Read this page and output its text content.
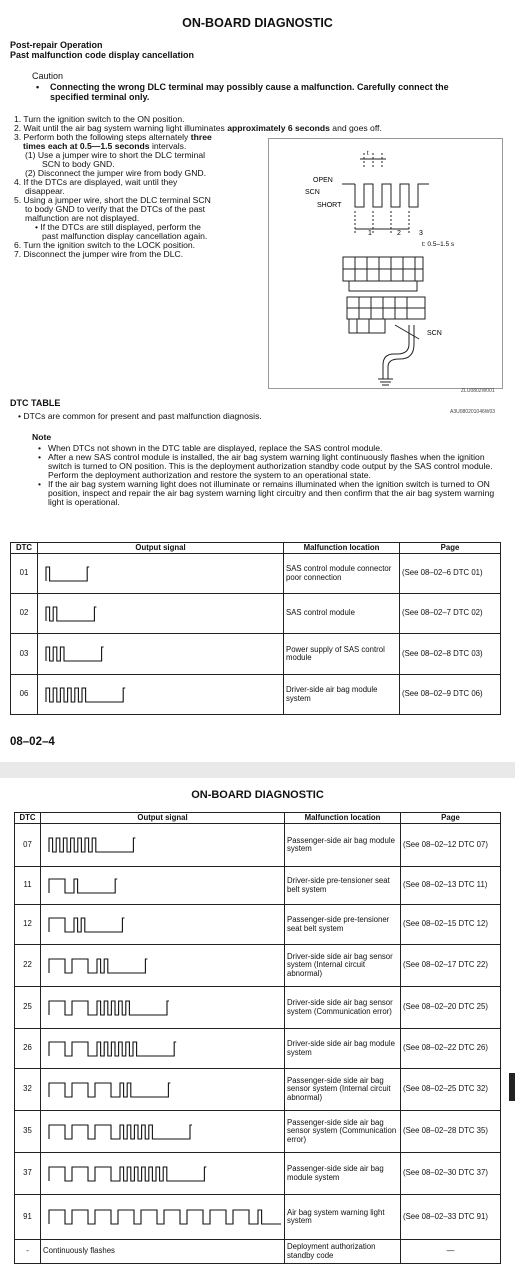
ON-BOARD DIAGNOSTIC
Post-repair Operation
Past malfunction code display cancellation
Caution
•	Connecting the wrong DLC terminal may possibly cause a malfunction. Carefully connect the specified terminal only.
1. Turn the ignition switch to the ON position.
2. Wait until the air bag system warning light illuminates approximately 6 seconds and goes off.
3. Perform both the following steps alternately three
times each at 0.5—1.5 seconds intervals.
(1) Use a jumper wire to short the DLC terminal
SCN to body GND.
(2) Disconnect the jumper wire from body GND.
4. If the DTCs are displayed, wait until they
disappear.
5. Using a jumper wire, short the DLC terminal SCN
to body GND to verify that the DTCs of the past
malfunction are not displayed.
• If the DTCs are still displayed, perform the
past malfunction display cancellation again.
6. Turn the ignition switch to the LOCK position.
7. Disconnect the jumper wire from the DLC.
OPEN
SCN
SHORT
t
1	2	3
t: 0.5–1.5 s
SCN
ZLU0802W001
DTC TABLE
A3U080201046W03
• DTCs are common for present and past malfunction diagnosis.
Note
• When DTCs not shown in the DTC table are displayed, replace the SAS control module.
• After a new SAS control module is installed, the air bag system warning light continuously flashes when the ignition switch is turned to ON position. This is the deployment authorization standby code output by the SAS control module. Perform the deployment authorization and restore the system to an operational state.
• If the air bag system warning light does not illuminate or remains illuminated when the ignition switch is turned to ON position, inspect and repair the air bag system warning light circuitry and then confirm that the air bag system warning light is operational.
DTC	Output signal	Malfunction location	Page
01		SAS control module connector poor connection	(See 08–02–6 DTC 01)
02		SAS control module	(See 08–02–7 DTC 02)
03		Power supply of SAS control module	(See 08–02–8 DTC 03)
06		Driver-side air bag module system	(See 08–02–9 DTC 06)
08–02–4
ON-BOARD DIAGNOSTIC
DTC	Output signal	Malfunction location	Page
07		Passenger-side air bag module system	(See 08–02–12 DTC 07)
11		Driver-side pre-tensioner seat belt system	(See 08–02–13 DTC 11)
12		Passenger-side pre-tensioner seat belt system	(See 08–02–15 DTC 12)
22		Driver-side side air bag sensor system (Internal circuit abnormal)	(See 08–02–17 DTC 22)
25		Driver-side side air bag sensor system (Communication error)	(See 08–02–20 DTC 25)
26		Driver-side side air bag module system	(See 08–02–22 DTC 26)
32		Passenger-side side air bag sensor system (Internal circuit abnormal)	(See 08–02–25 DTC 32)
35		Passenger-side side air bag sensor system (Communication error)	(See 08–02–28 DTC 35)
37		Passenger-side side air bag module system	(See 08–02–30 DTC 37)
91		Air bag system warning light system	(See 08–02–33 DTC 91)
-	Continuously flashes	Deployment authorization standby code	—
